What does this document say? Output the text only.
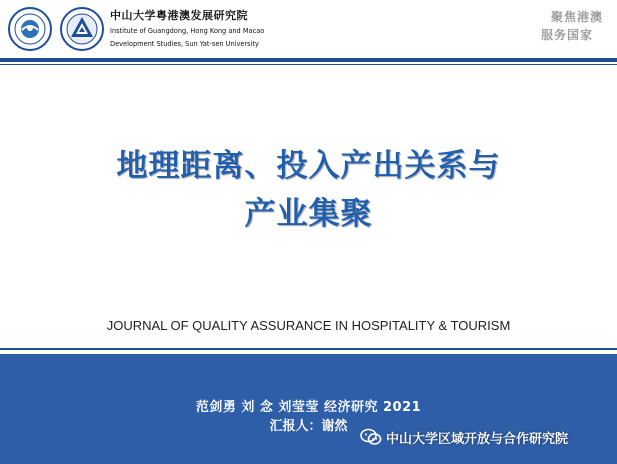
中山大学粤港澳发展研究院
Institute of Guangdong, Hong Kong and Macao
Development Studies, Sun Yat-sen University
聚焦港澳
服务国家
地理距离、投入产出关系与
产业集聚
JOURNAL OF QUALITY ASSURANCE IN HOSPITALITY & TOURISM
范剑勇 刘 念 刘莹莹 经济研究 2021
汇报人：谢然
中山大学区域开放与合作研究院
